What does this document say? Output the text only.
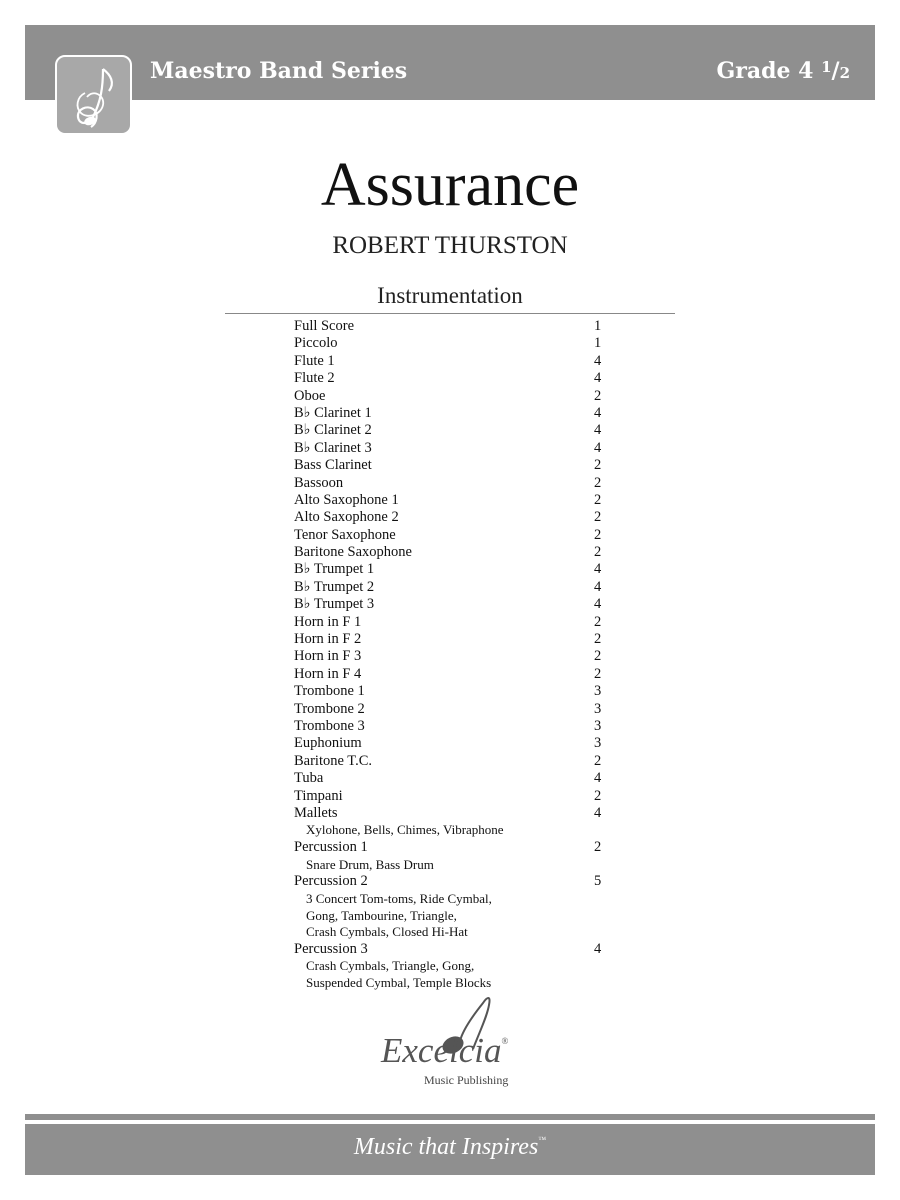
Maestro Band Series	Grade 4 $^1$/2
Assurance
ROBERT THURSTON
Instrumentation
Full Score	1
Piccolo	1
Flute 1	4
Flute 2	4
Oboe	2
B♭ Clarinet 1	4
B♭ Clarinet 2	4
B♭ Clarinet 3	4
Bass Clarinet	2
Bassoon	2
Alto Saxophone 1	2
Alto Saxophone 2	2
Tenor Saxophone	2
Baritone Saxophone	2
B♭ Trumpet 1	4
B♭ Trumpet 2	4
B♭ Trumpet 3	4
Horn in F 1	2
Horn in F 2	2
Horn in F 3	2
Horn in F 4	2
Trombone 1	3
Trombone 2	3
Trombone 3	3
Euphonium	3
Baritone T.C.	2
Tuba	4
Timpani	2
Mallets	4
Xylohone, Bells, Chimes, Vibraphone
Percussion 1	2
Snare Drum, Bass Drum
Percussion 2	5
3 Concert Tom-toms, Ride Cymbal,
Gong, Tambourine, Triangle,
Crash Cymbals, Closed Hi-Hat
Percussion 3	4
Crash Cymbals, Triangle, Gong,
Suspended Cymbal, Temple Blocks
Excelcia®
Music Publishing
Music that Inspires™
